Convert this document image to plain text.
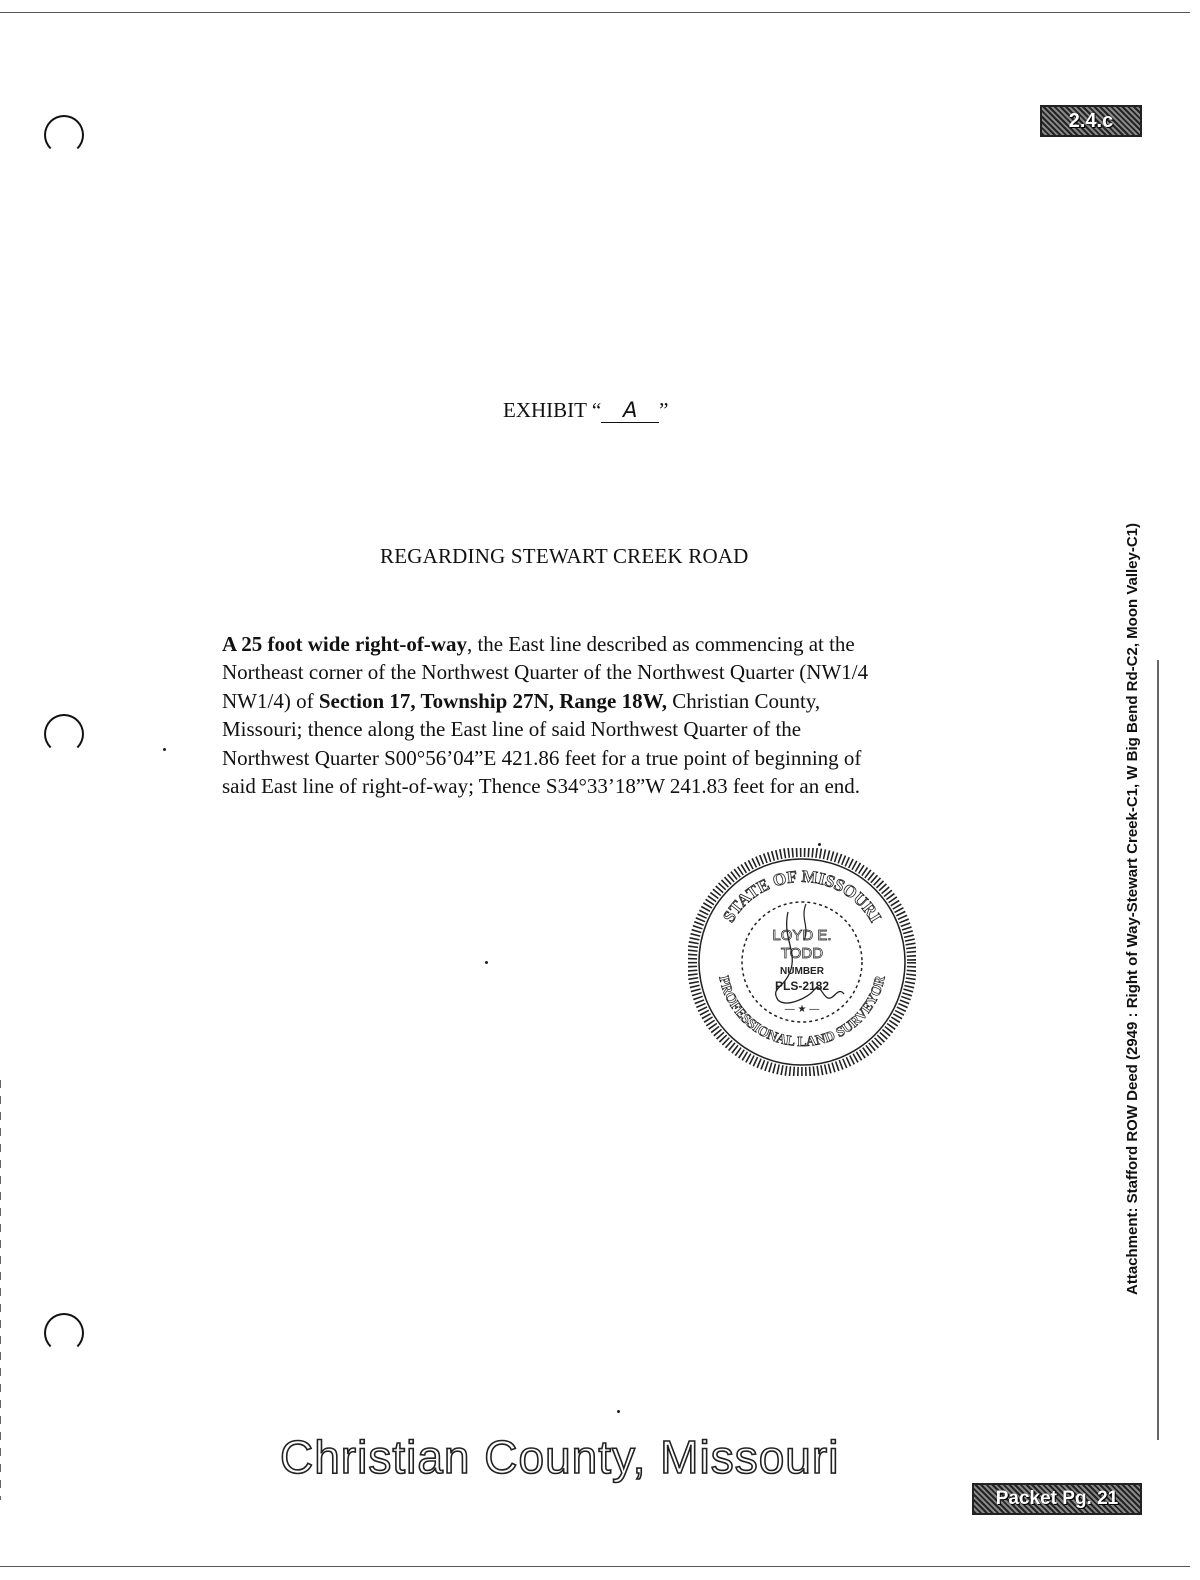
2.4.c
Packet Pg. 21
Attachment: Stafford ROW Deed (2949 : Right of Way-Stewart Creek-C1, W Big Bend Rd-C2, Moon Valley-C1)
EXHIBIT “ A ”
REGARDING STEWART CREEK ROAD
A 25 foot wide right-of-way, the East line described as commencing at the
Northeast corner of the Northwest Quarter of the Northwest Quarter (NW1/4
NW1/4) of Section 17, Township 27N, Range 18W, Christian County,
Missouri; thence along the East line of said Northwest Quarter of the
Northwest Quarter S00°56’04”E 421.86 feet for a true point of beginning of
said East line of right-of-way; Thence S34°33’18”W 241.83 feet for an end.
STATE OF MISSOURI
PROFESSIONAL LAND SURVEYOR
LOYD E.
TODD
NUMBER
PLS-2182
— ★ —
Christian County, Missouri
